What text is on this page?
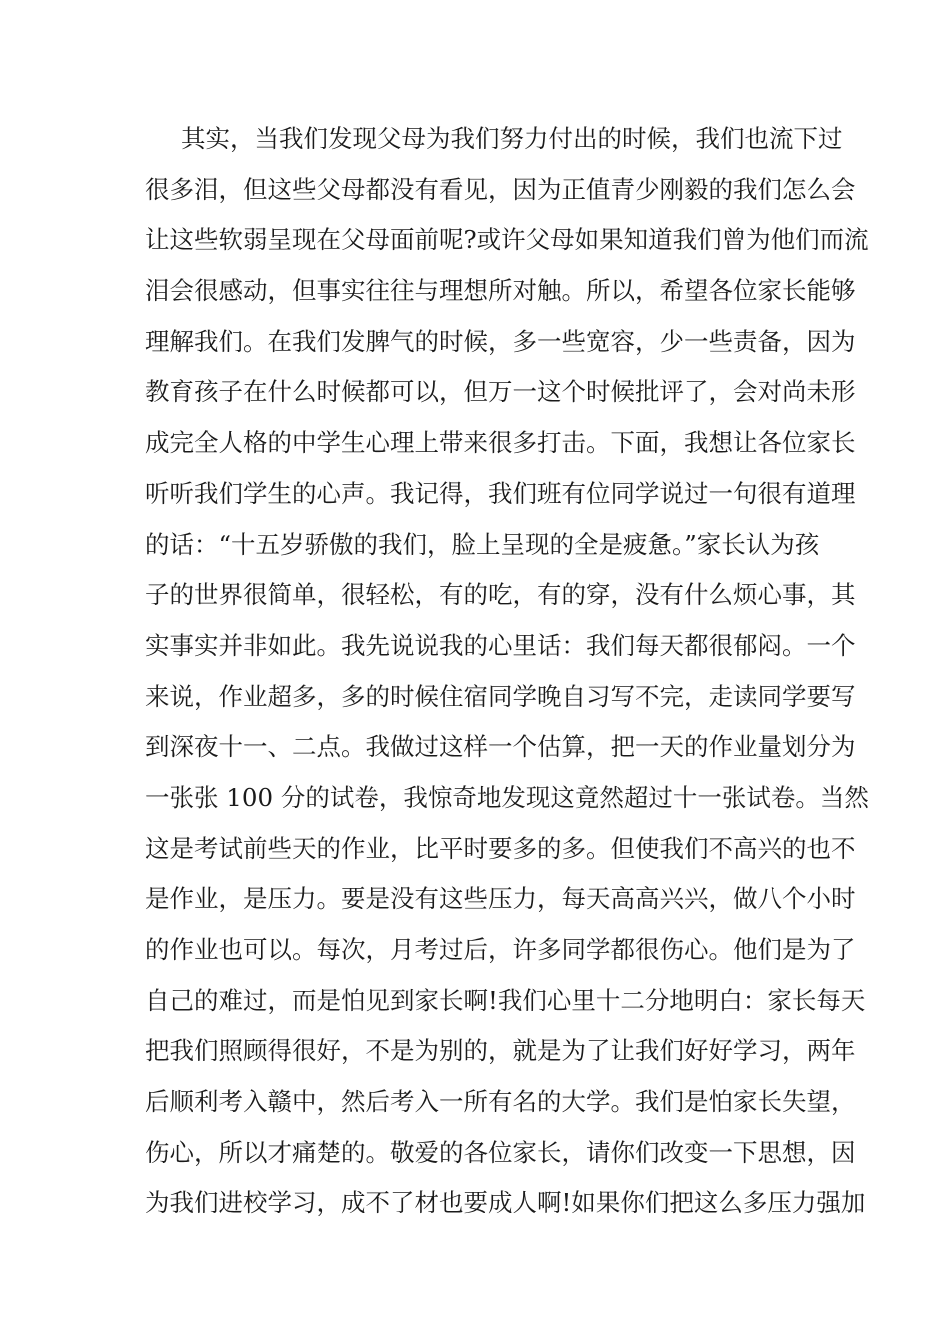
其实，当我们发现父母为我们努力付出的时候，我们也流下过
很多泪，但这些父母都没有看见，因为正值青少刚毅的我们怎么会
让这些软弱呈现在父母面前呢?或许父母如果知道我们曾为他们而流
泪会很感动，但事实往往与理想所对触。所以，希望各位家长能够
理解我们。在我们发脾气的时候，多一些宽容，少一些责备，因为
教育孩子在什么时候都可以，但万一这个时候批评了，会对尚未形
成完全人格的中学生心理上带来很多打击。下面，我想让各位家长
听听我们学生的心声。我记得，我们班有位同学说过一句很有道理
的话：“十五岁骄傲的我们，脸上呈现的全是疲惫。”家长认为孩
子的世界很简单，很轻松，有的吃，有的穿，没有什么烦心事，其
实事实并非如此。我先说说我的心里话：我们每天都很郁闷。一个
来说，作业超多，多的时候住宿同学晚自习写不完，走读同学要写
到深夜十一、二点。我做过这样一个估算，把一天的作业量划分为
一张张 100 分的试卷，我惊奇地发现这竟然超过十一张试卷。当然
这是考试前些天的作业，比平时要多的多。但使我们不高兴的也不
是作业，是压力。要是没有这些压力，每天高高兴兴，做八个小时
的作业也可以。每次，月考过后，许多同学都很伤心。他们是为了
自己的难过，而是怕见到家长啊!我们心里十二分地明白：家长每天
把我们照顾得很好，不是为别的，就是为了让我们好好学习，两年
后顺利考入赣中，然后考入一所有名的大学。我们是怕家长失望，
伤心，所以才痛楚的。敬爱的各位家长，请你们改变一下思想，因
为我们进校学习，成不了材也要成人啊!如果你们把这么多压力强加
